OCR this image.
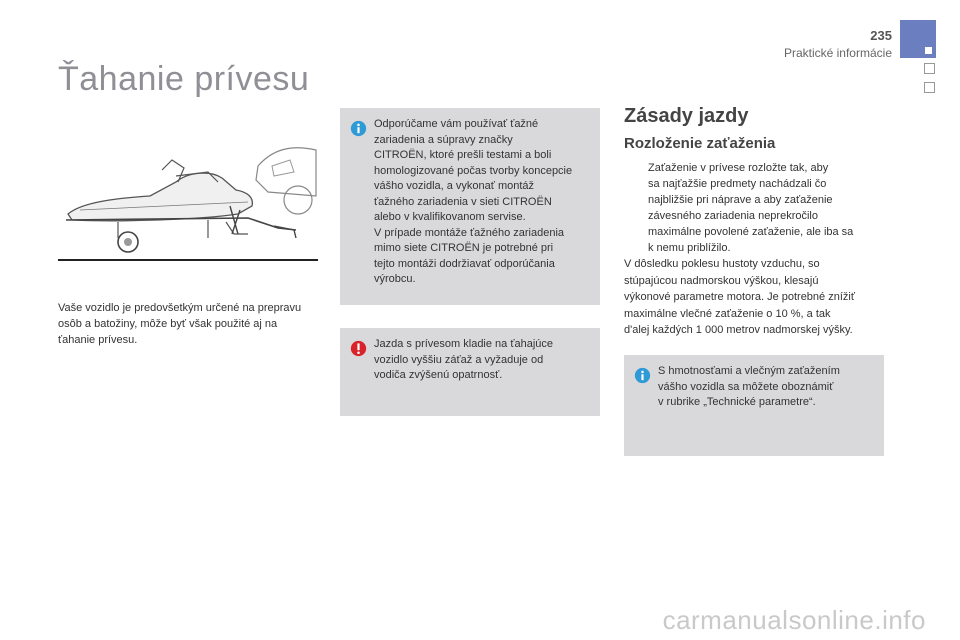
235
Praktické informácie
Ťahanie prívesu

Vaše vozidlo je predovšetkým určené na prepravu osôb a batožiny, môže byť však použité aj na ťahanie prívesu.

Odporúčame vám používať ťažné

zariadenia a súpravy značky

CITROËN, ktoré prešli testami a boli

homologizované počas tvorby koncepcie

vášho vozidla, a vykonať montáž

ťažného zariadenia v sieti CITROËN

alebo v kvalifikovanom servise.

V prípade montáže ťažného zariadenia

mimo siete CITROËN je potrebné pri

tejto montáži dodržiavať odporúčania

výrobcu.

Jazda s prívesom kladie na ťahajúce

vozidlo vyššiu záťaž a vyžaduje od

vodiča zvýšenú opatrnosť.

Zásady jazdy
Rozloženie zaťaženia

Zaťaženie v prívese rozložte tak, aby

sa najťažšie predmety nachádzali čo

najbližšie pri náprave a aby zaťaženie

závesného zariadenia neprekročilo

maximálne povolené zaťaženie, ale iba sa

k nemu priblížilo.

V dôsledku poklesu hustoty vzduchu, so
stúpajúcou nadmorskou výškou, klesajú
výkonové parametre motora. Je potrebné znížiť
maximálne vlečné zaťaženie o 10 %, a tak
d'alej každých 1 000 metrov nadmorskej výšky.

S hmotnosťami a vlečným zaťažením

vášho vozidla sa môžete oboznámiť

v rubrike „Technické parametre“.

carmanualsonline.info
